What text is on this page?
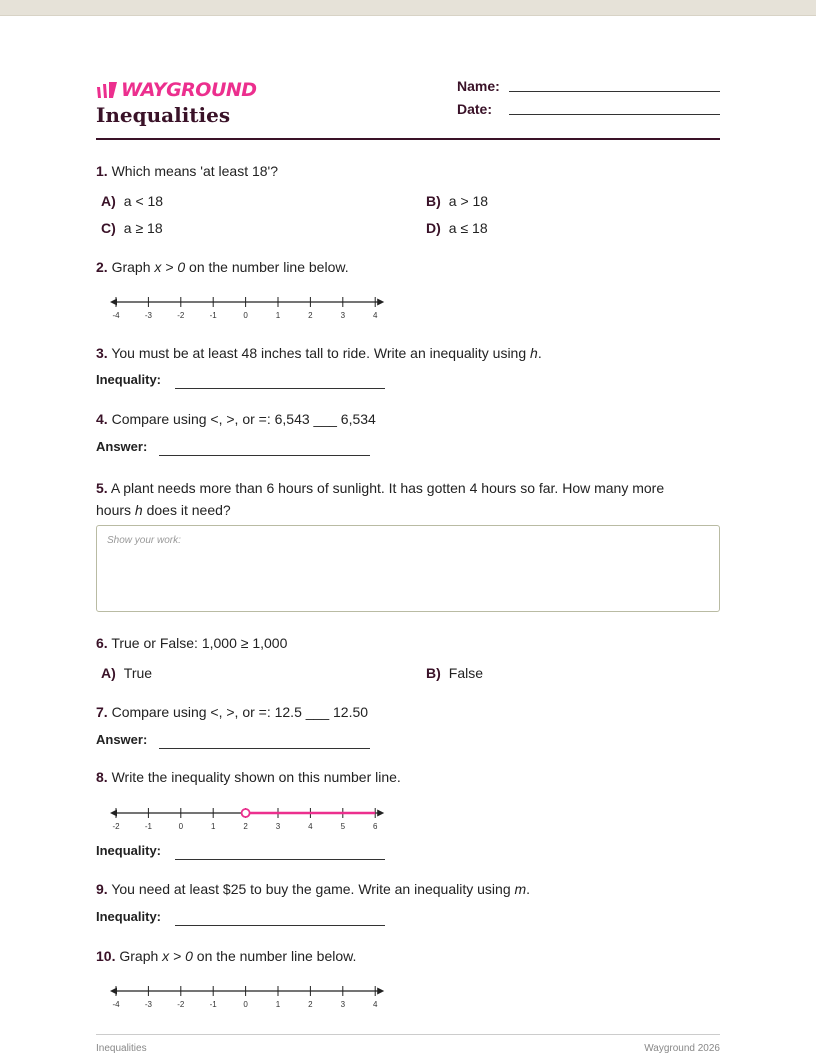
WAYGROUND
Inequalities
Name:
Date:
1. Which means 'at least 18'?
A) a < 18	B) a > 18
C) a ≥ 18	D) a ≤ 18
2. Graph x > 0 on the number line below.
-4	-3	-2	-1	0	1	2	3	4
3. You must be at least 48 inches tall to ride. Write an inequality using h.
Inequality:
4. Compare using <, >, or =: 6,543 ___ 6,534
Answer:
5. A plant needs more than 6 hours of sunlight. It has gotten 4 hours so far. How many more
hours h does it need?
Show your work:
6. True or False: 1,000 ≥ 1,000
A) True	B) False
7. Compare using <, >, or =: 12.5 ___ 12.50
Answer:
8. Write the inequality shown on this number line.
-2	-1	0	1	2	3	4	5	6
Inequality:
9. You need at least $25 to buy the game. Write an inequality using m.
Inequality:
10. Graph x > 0 on the number line below.
-4	-3	-2	-1	0	1	2	3	4
Inequalities	Wayground 2026
